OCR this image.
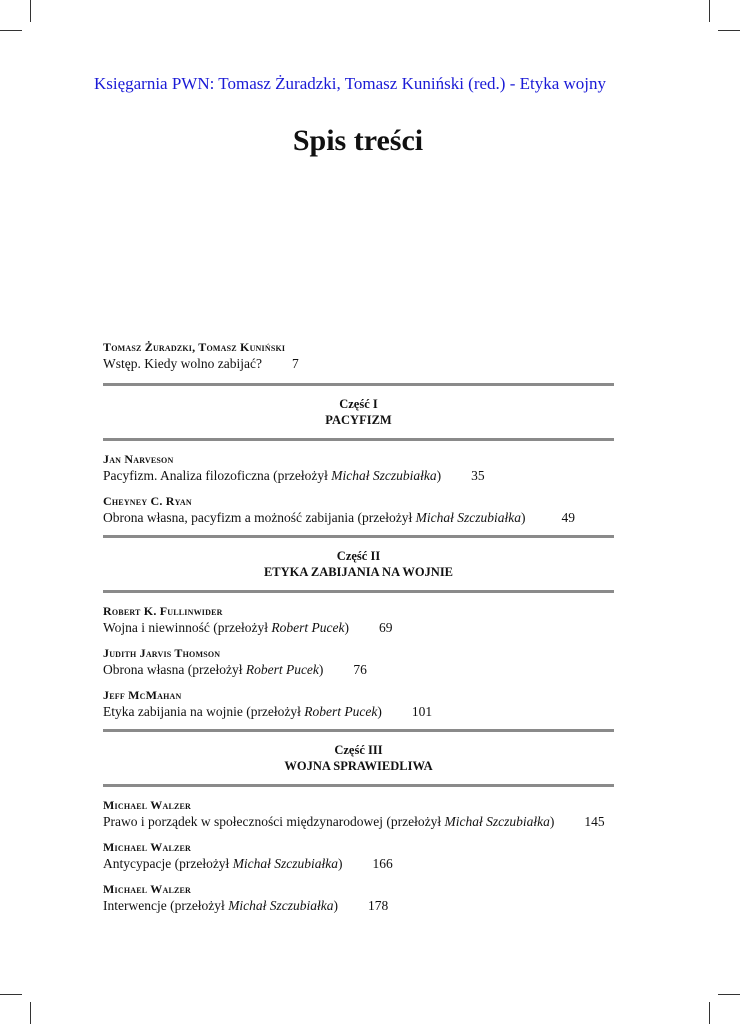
Księgarnia PWN: Tomasz Żuradzki, Tomasz Kuniński (red.) - Etyka wojny
Spis treści
Tomasz Żuradzki, Tomasz Kuniński
Wstęp. Kiedy wolno zabijać? 7
Część I
PACYFIZM
Jan Narveson
Pacyfizm. Analiza filozoficzna (przełożył Michał Szczubiałka) 35
Cheyney C. Ryan
Obrona własna, pacyfizm a możność zabijania (przełożył Michał Szczubiałka)	49
Część II
ETYKA ZABIJANIA NA WOJNIE
Robert K. Fullinwider
Wojna i niewinność (przełożył Robert Pucek) 69
Judith Jarvis Thomson
Obrona własna (przełożył Robert Pucek) 76
Jeff McMahan
Etyka zabijania na wojnie (przełożył Robert Pucek) 101
Część III
WOJNA SPRAWIEDLIWA
Michael Walzer
Prawo i porządek w społeczności międzynarodowej (przełożył Michał Szczubiałka) 145
Michael Walzer
Antycypacje (przełożył Michał Szczubiałka) 166
Michael Walzer
Interwencje (przełożył Michał Szczubiałka) 178
